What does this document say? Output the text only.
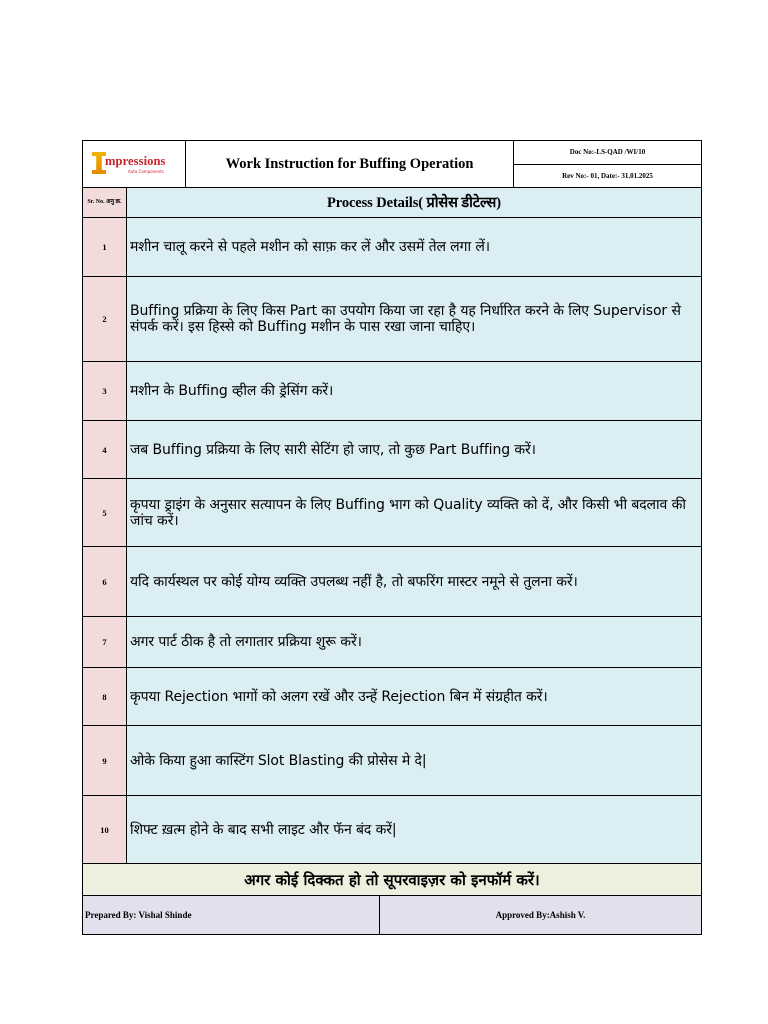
mpressions
Auto Components	Work Instruction for Buffing Operation
Doc No:-LS-QAD /WI/10
Rev No:- 01, Date:- 31.01.2025
Sr. No. अनु क्र.	Process Details( प्रोसेस डीटेल्स)
1	मशीन चालू करने से पहले मशीन को साफ़ कर लें और उसमें तेल लगा लें।
2	Buffing प्रक्रिया के लिए किस Part का उपयोग किया जा रहा है यह निर्धारित करने के लिए Supervisor से संपर्क करें। इस हिस्से को Buffing मशीन के पास रखा जाना चाहिए।
3	मशीन के Buffing व्हील की ड्रेसिंग करें।
4	जब Buffing प्रक्रिया के लिए सारी सेटिंग हो जाए, तो कुछ Part Buffing करें।
5	कृपया ड्राइंग के अनुसार सत्यापन के लिए Buffing भाग को Quality व्यक्ति को दें, और किसी भी बदलाव की जांच करें।
6	यदि कार्यस्थल पर कोई योग्य व्यक्ति उपलब्ध नहीं है, तो बफरिंग मास्टर नमूने से तुलना करें।
7	अगर पार्ट ठीक है तो लगातार प्रक्रिया शुरू करें।
8	कृपया Rejection भागों को अलग रखें और उन्हें Rejection बिन में संग्रहीत करें।
9	ओके किया हुआ कास्टिंग Slot Blasting की प्रोसेस मे दे|
10	शिफ्ट ख़त्म होने के बाद सभी लाइट और फॅन बंद करें|
अगर कोई दिक्कत हो तो सूपरवाइज़र को इनफॉर्म करें।
Prepared By: Vishal Shinde	Approved By:Ashish V.
